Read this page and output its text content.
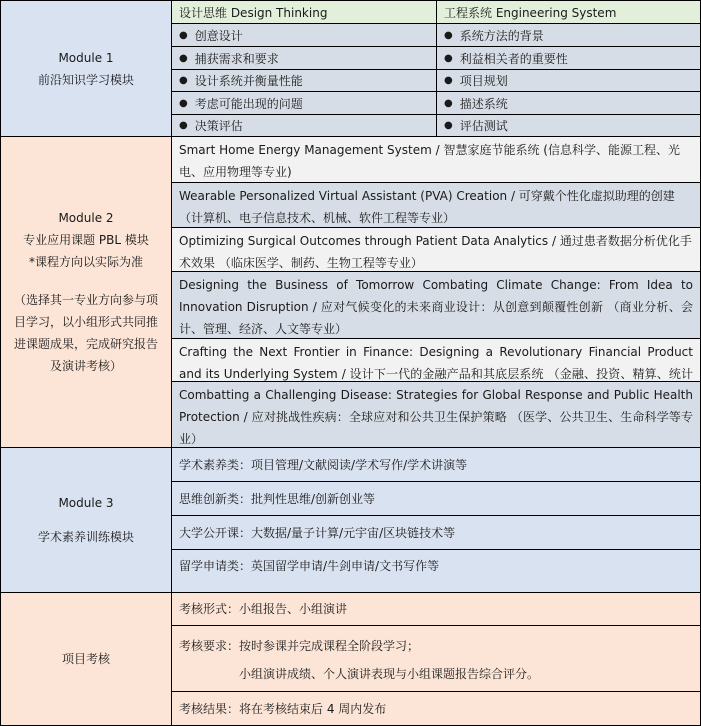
Module 1
前沿知识学习模块
设计思维 Design Thinking	工程系统 Engineering System
● 创意设计	● 系统方法的背景
● 捕获需求和要求	● 利益相关者的重要性
● 设计系统并衡量性能	● 项目规划
● 考虑可能出现的问题	● 描述系统
● 决策评估	● 评估测试
Module 2
专业应用课题 PBL 模块
*课程方向以实际为准
（选择其一专业方向参与项目学习，以小组形式共同推进课题成果，完成研究报告及演讲考核）
Smart Home Energy Management System / 智慧家庭节能系统 (信息科学、能源工程、光电、应用物理等专业)
Wearable Personalized Virtual Assistant (PVA) Creation / 可穿戴个性化虚拟助理的创建（计算机、电子信息技术、机械、软件工程等专业）
Optimizing Surgical Outcomes through Patient Data Analytics / 通过患者数据分析优化手术效果 （临床医学、制药、生物工程等专业）
Designing the Business of Tomorrow Combating Climate Change: From Idea to Innovation Disruption / 应对气候变化的未来商业设计：从创意到颠覆性创新 （商业分析、会计、管理、经济、人文等专业）
Crafting the Next Frontier in Finance: Designing a Revolutionary Financial Product and its Underlying System / 设计下一代的金融产品和其底层系统 （金融、投资、精算、统计
Combatting a Challenging Disease: Strategies for Global Response and Public Health Protection / 应对挑战性疾病：全球应对和公共卫生保护策略 （医学、公共卫生、生命科学等专业）
Module 3
学术素养训练模块
学术素养类：项目管理/文献阅读/学术写作/学术讲演等
思维创新类：批判性思维/创新创业等
大学公开课：大数据/量子计算/元宇宙/区块链技术等
留学申请类：英国留学申请/牛剑申请/文书写作等
项目考核
考核形式：小组报告、小组演讲
考核要求：按时参课并完成课程全阶段学习；
小组演讲成绩、个人演讲表现与小组课题报告综合评分。
考核结果：将在考核结束后 4 周内发布
